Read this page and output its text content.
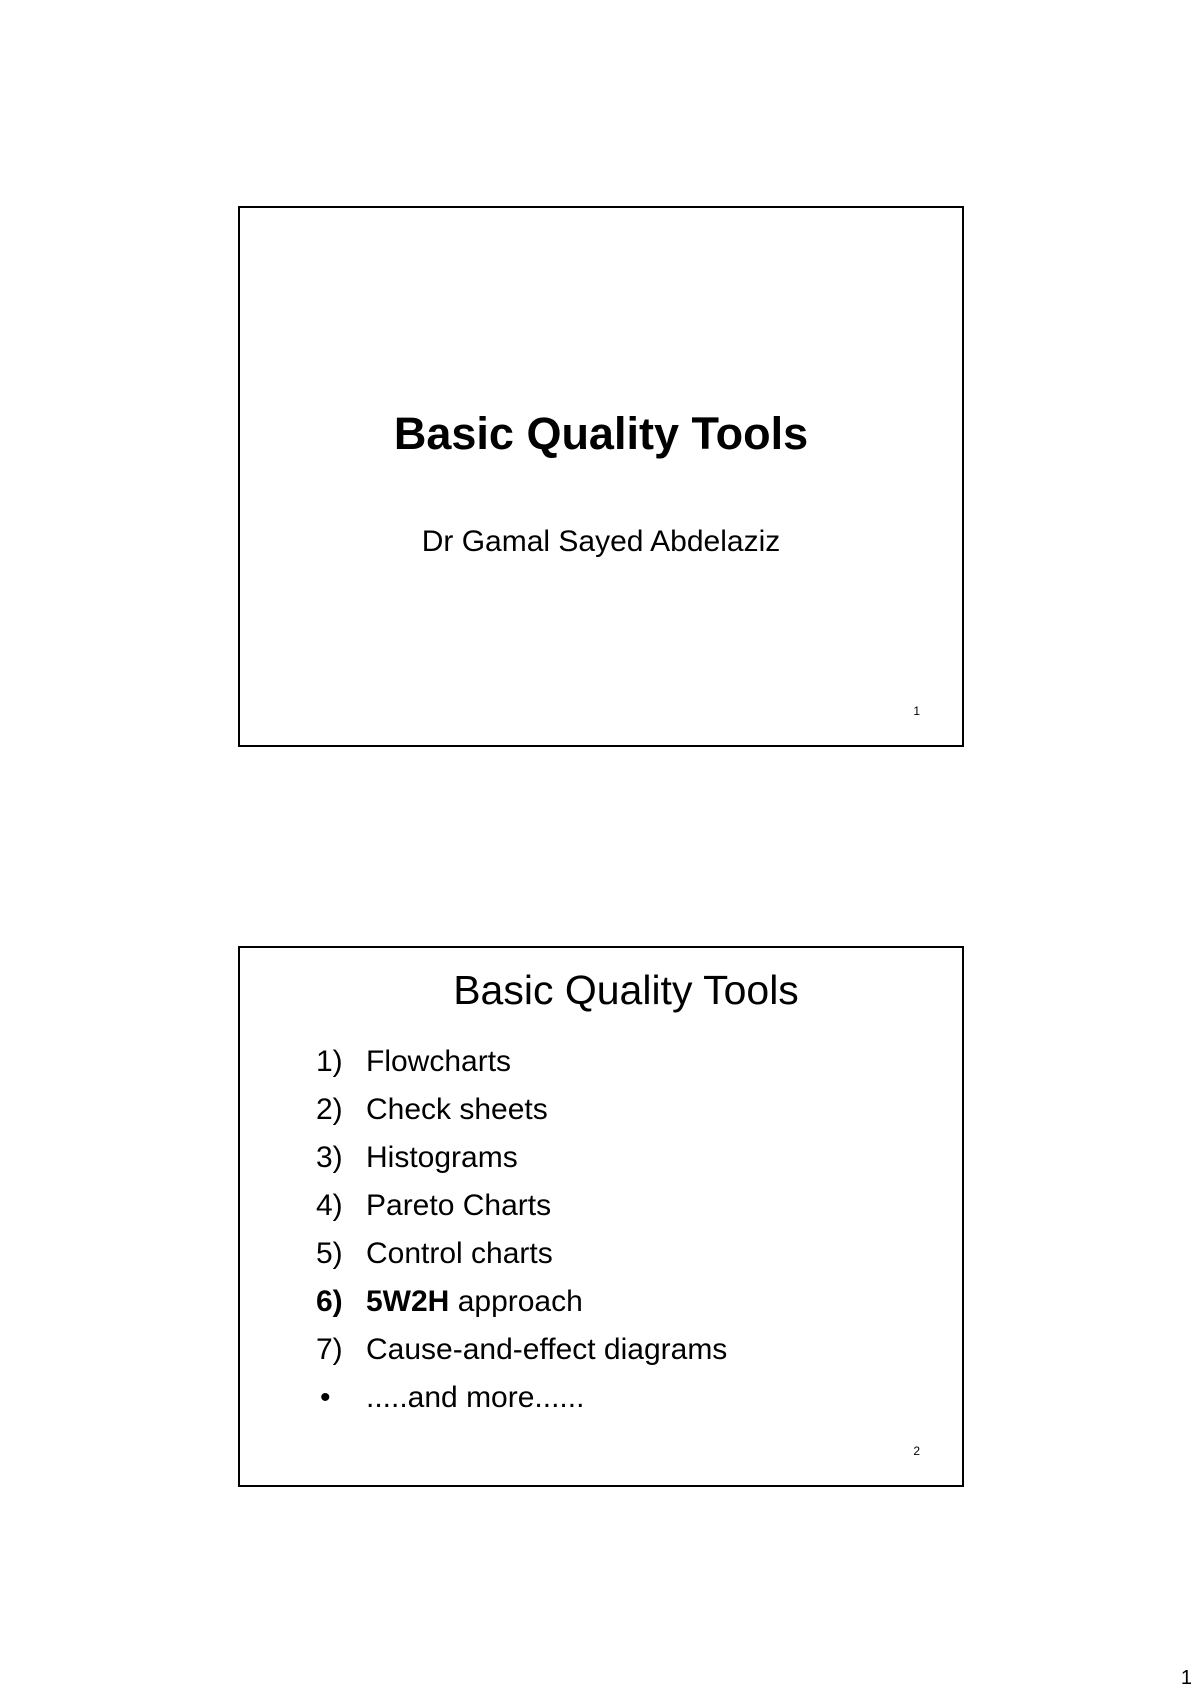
Basic Quality Tools
Dr Gamal Sayed Abdelaziz
1
Basic Quality Tools
1) Flowcharts
2) Check sheets
3) Histograms
4) Pareto Charts
5) Control charts
6) 5W2H approach
7) Cause-and-effect diagrams
•	.....and more......
2
1
